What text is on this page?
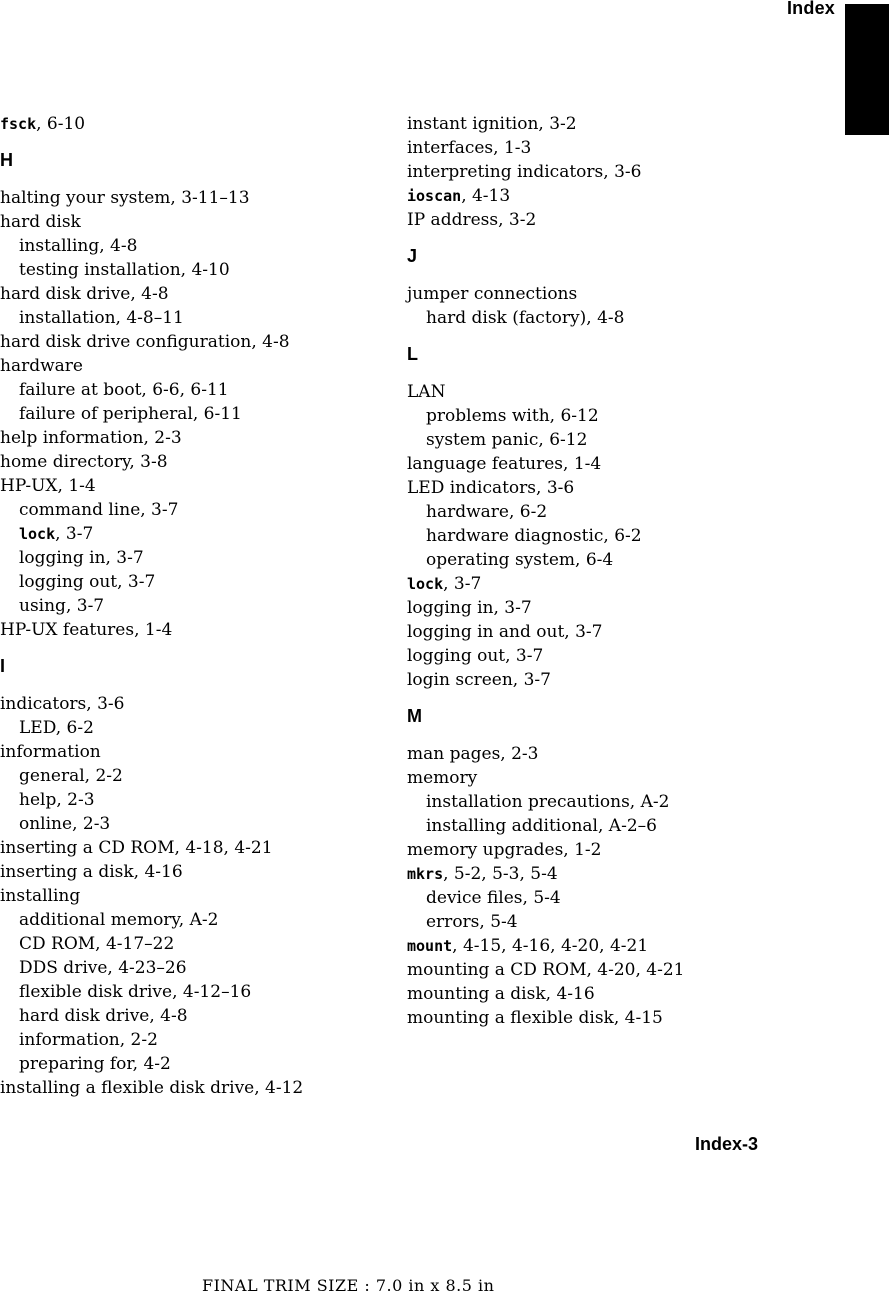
Index
fsck, 6-10
H
halting your system, 3-11–13
hard disk
installing, 4-8
testing installation, 4-10
hard disk drive, 4-8
installation, 4-8–11
hard disk drive configuration, 4-8
hardware
failure at boot, 6-6, 6-11
failure of peripheral, 6-11
help information, 2-3
home directory, 3-8
HP-UX, 1-4
command line, 3-7
lock, 3-7
logging in, 3-7
logging out, 3-7
using, 3-7
HP-UX features, 1-4
I
indicators, 3-6
LED, 6-2
information
general, 2-2
help, 2-3
online, 2-3
inserting a CD ROM, 4-18, 4-21
inserting a disk, 4-16
installing
additional memory, A-2
CD ROM, 4-17–22
DDS drive, 4-23–26
flexible disk drive, 4-12–16
hard disk drive, 4-8
information, 2-2
preparing for, 4-2
installing a flexible disk drive, 4-12
instant ignition, 3-2
interfaces, 1-3
interpreting indicators, 3-6
ioscan, 4-13
IP address, 3-2
J
jumper connections
hard disk (factory), 4-8
L
LAN
problems with, 6-12
system panic, 6-12
language features, 1-4
LED indicators, 3-6
hardware, 6-2
hardware diagnostic, 6-2
operating system, 6-4
lock, 3-7
logging in, 3-7
logging in and out, 3-7
logging out, 3-7
login screen, 3-7
M
man pages, 2-3
memory
installation precautions, A-2
installing additional, A-2–6
memory upgrades, 1-2
mkrs, 5-2, 5-3, 5-4
device files, 5-4
errors, 5-4
mount, 4-15, 4-16, 4-20, 4-21
mounting a CD ROM, 4-20, 4-21
mounting a disk, 4-16
mounting a flexible disk, 4-15
Index-3
FINAL TRIM SIZE : 7.0 in x 8.5 in
